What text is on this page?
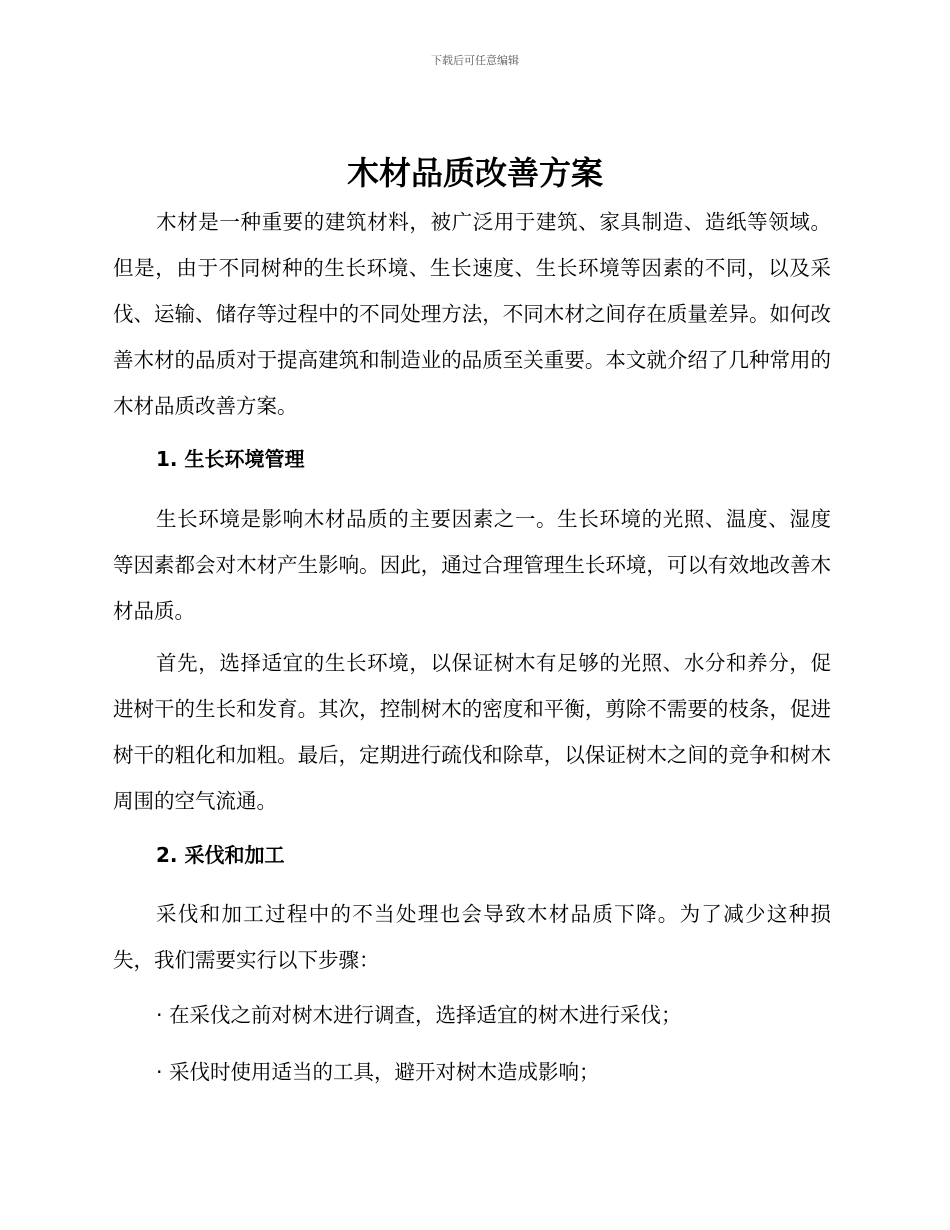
下载后可任意编辑
木材品质改善方案

木材是一种重要的建筑材料，被广泛用于建筑、家具制造、造纸等领域。但是，由于不同树种的生长环境、生长速度、生长环境等因素的不同，以及采伐、运输、储存等过程中的不同处理方法，不同木材之间存在质量差异。如何改善木材的品质对于提高建筑和制造业的品质至关重要。本文就介绍了几种常用的木材品质改善方案。

1. 生长环境管理

生长环境是影响木材品质的主要因素之一。生长环境的光照、温度、湿度等因素都会对木材产生影响。因此，通过合理管理生长环境，可以有效地改善木材品质。

首先，选择适宜的生长环境，以保证树木有足够的光照、水分和养分，促进树干的生长和发育。其次，控制树木的密度和平衡，剪除不需要的枝条，促进树干的粗化和加粗。最后，定期进行疏伐和除草，以保证树木之间的竞争和树木周围的空气流通。

2. 采伐和加工

采伐和加工过程中的不当处理也会导致木材品质下降。为了减少这种损失，我们需要实行以下步骤：

· 在采伐之前对树木进行调查，选择适宜的树木进行采伐；

· 采伐时使用适当的工具，避开对树木造成影响；
